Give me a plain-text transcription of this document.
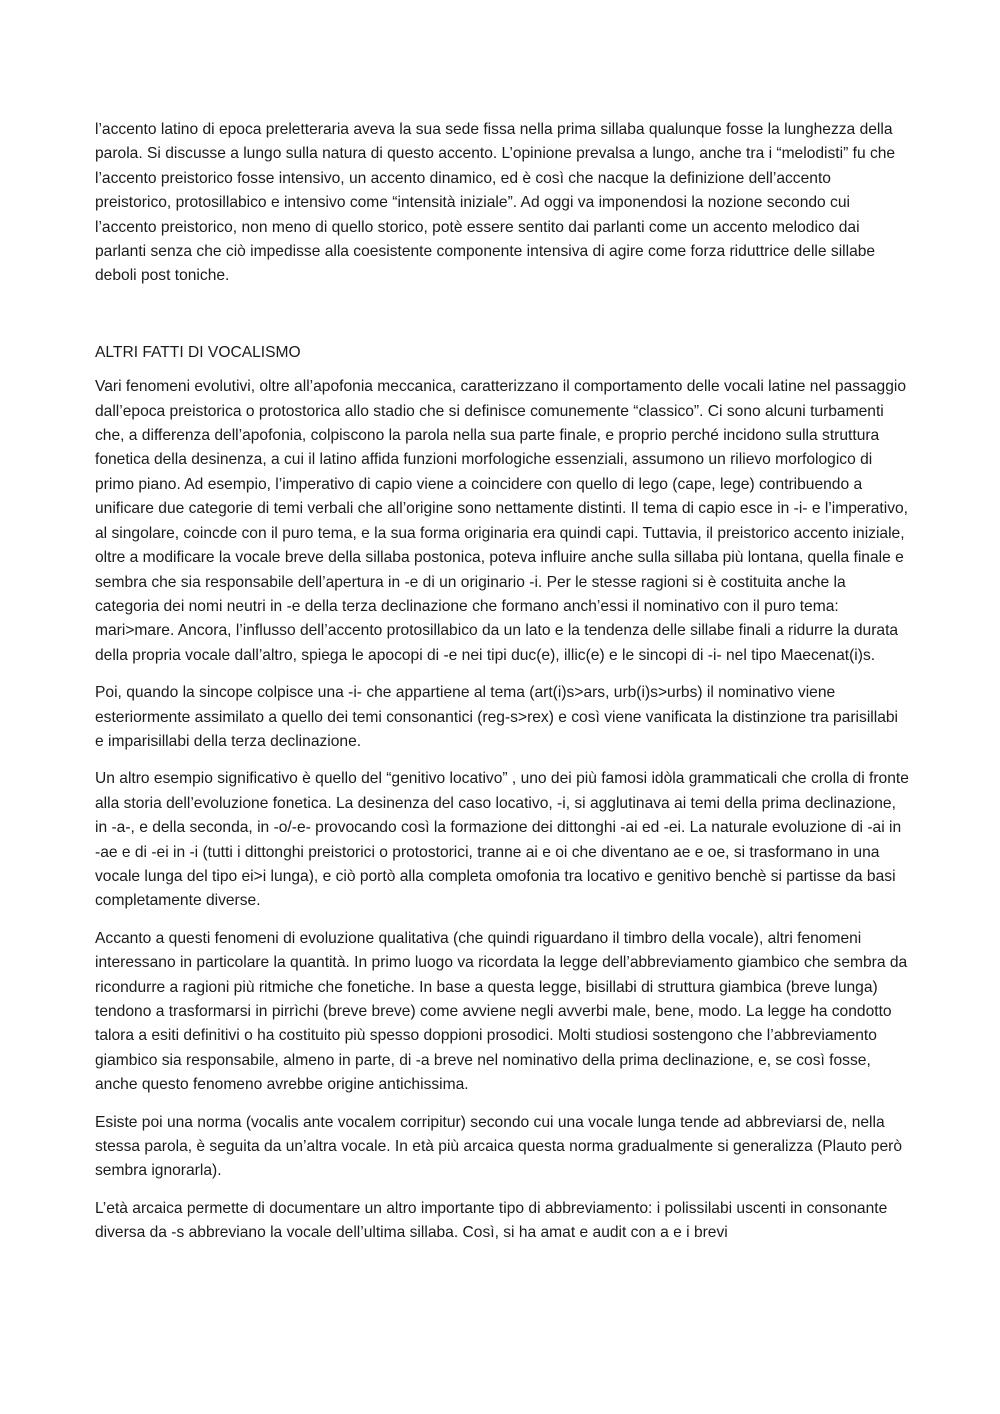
l’accento latino di epoca preletteraria aveva la sua sede fissa nella prima sillaba qualunque fosse la lunghezza della parola. Si discusse a lungo sulla natura di questo accento. L’opinione prevalsa a lungo, anche tra i “melodisti” fu che l’accento preistorico fosse intensivo, un accento dinamico, ed è così che nacque la definizione dell’accento preistorico, protosillabico e intensivo come “intensità iniziale”. Ad oggi va imponendosi la nozione secondo cui l’accento preistorico, non meno di quello storico, potè essere sentito dai parlanti come un accento melodico dai parlanti senza che ciò impedisse alla coesistente componente intensiva di agire come forza riduttrice delle sillabe deboli post toniche.

ALTRI FATTI DI VOCALISMO

Vari fenomeni evolutivi, oltre all’apofonia meccanica, caratterizzano il comportamento delle vocali latine nel passaggio dall’epoca preistorica o protostorica allo stadio che si definisce comunemente “classico”. Ci sono alcuni turbamenti che, a differenza dell’apofonia, colpiscono la parola nella sua parte finale, e proprio perché incidono sulla struttura fonetica della desinenza, a cui il latino affida funzioni morfologiche essenziali, assumono un rilievo morfologico di primo piano. Ad esempio, l’imperativo di capio viene a coincidere con quello di lego (cape, lege) contribuendo a unificare due categorie di temi verbali che all’origine sono nettamente distinti. Il tema di capio esce in -i- e l’imperativo, al singolare, coincde con il puro tema, e la sua forma originaria era quindi capi. Tuttavia, il preistorico accento iniziale, oltre a modificare la vocale breve della sillaba postonica, poteva influire anche sulla sillaba più lontana, quella finale e sembra che sia responsabile dell’apertura in -e di un originario -i. Per le stesse ragioni si è costituita anche la categoria dei nomi neutri in -e della terza declinazione che formano anch’essi il nominativo con il puro tema: mari>mare. Ancora, l’influsso dell’accento protosillabico da un lato e la tendenza delle sillabe finali a ridurre la durata della propria vocale dall’altro, spiega le apocopi di -e nei tipi duc(e), illic(e) e le sincopi di -i- nel tipo Maecenat(i)s.

Poi, quando la sincope colpisce una -i- che appartiene al tema (art(i)s>ars, urb(i)s>urbs) il nominativo viene esteriormente assimilato a quello dei temi consonantici (reg-s>rex) e così viene vanificata la distinzione tra parisillabi e imparisillabi della terza declinazione.

Un altro esempio significativo è quello del “genitivo locativo” , uno dei più famosi idòla grammaticali che crolla di fronte alla storia dell’evoluzione fonetica. La desinenza del caso locativo, -i, si agglutinava ai temi della prima declinazione, in -a-, e della seconda, in -o/-e- provocando così la formazione dei dittonghi -ai ed -ei. La naturale evoluzione di -ai in -ae e di -ei in -i (tutti i dittonghi preistorici o protostorici, tranne ai e oi che diventano ae e oe, si trasformano in una vocale lunga del tipo ei>i lunga), e ciò portò alla completa omofonia tra locativo e genitivo benchè si partisse da basi completamente diverse.

Accanto a questi fenomeni di evoluzione qualitativa (che quindi riguardano il timbro della vocale), altri fenomeni interessano in particolare la quantità. In primo luogo va ricordata la legge dell’abbreviamento giambico che sembra da ricondurre a ragioni più ritmiche che fonetiche. In base a questa legge, bisillabi di struttura giambica (breve lunga) tendono a trasformarsi in pirrìchi (breve breve) come avviene negli avverbi male, bene, modo. La legge ha condotto talora a esiti definitivi o ha costituito più spesso doppioni prosodici. Molti studiosi sostengono che l’abbreviamento giambico sia responsabile, almeno in parte, di -a breve nel nominativo della prima declinazione, e, se così fosse, anche questo fenomeno avrebbe origine antichissima.

Esiste poi una norma (vocalis ante vocalem corripitur) secondo cui una vocale lunga tende ad abbreviarsi de, nella stessa parola, è seguita da un’altra vocale. In età più arcaica questa norma gradualmente si generalizza (Plauto però sembra ignorarla).

L’età arcaica permette di documentare un altro importante tipo di abbreviamento: i polissilabi uscenti in consonante diversa da -s abbreviano la vocale dell’ultima sillaba. Così, si ha amat e audit con a e i brevi
